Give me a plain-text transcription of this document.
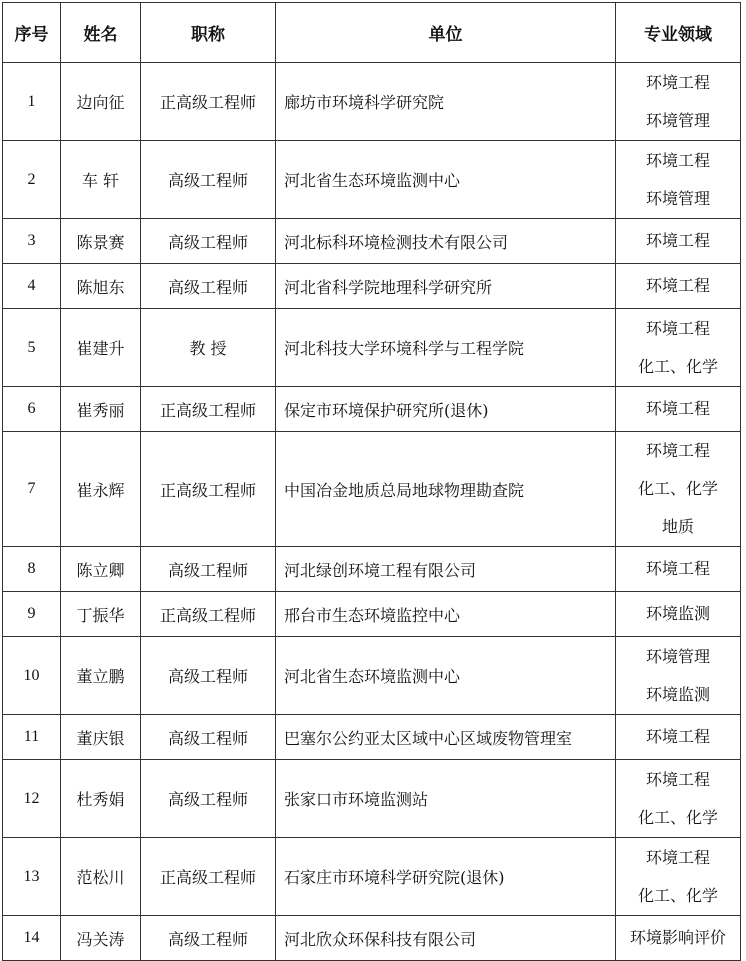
序号	姓名	职称	单位	专业领域
1	边向征	正高级工程师	廊坊市环境科学研究院	环境工程
环境管理

2	车 轩	高级工程师	河北省生态环境监测中心	环境工程
环境管理

3	陈景赛	高级工程师	河北标科环境检测技术有限公司	环境工程

4	陈旭东	高级工程师	河北省科学院地理科学研究所	环境工程

5	崔建升	教 授	河北科技大学环境科学与工程学院	环境工程
化工、化学

6	崔秀丽	正高级工程师	保定市环境保护研究所(退休)	环境工程

7	崔永辉	正高级工程师	中国冶金地质总局地球物理勘查院	环境工程
化工、化学
地质

8	陈立卿	高级工程师	河北绿创环境工程有限公司	环境工程

9	丁振华	正高级工程师	邢台市生态环境监控中心	环境监测

10	董立鹏	高级工程师	河北省生态环境监测中心	环境管理
环境监测

11	董庆银	高级工程师	巴塞尔公约亚太区域中心区域废物管理室	环境工程

12	杜秀娟	高级工程师	张家口市环境监测站	环境工程
化工、化学

13	范松川	正高级工程师	石家庄市环境科学研究院(退休)	环境工程
化工、化学

14	冯关涛	高级工程师	河北欣众环保科技有限公司	环境影响评价
